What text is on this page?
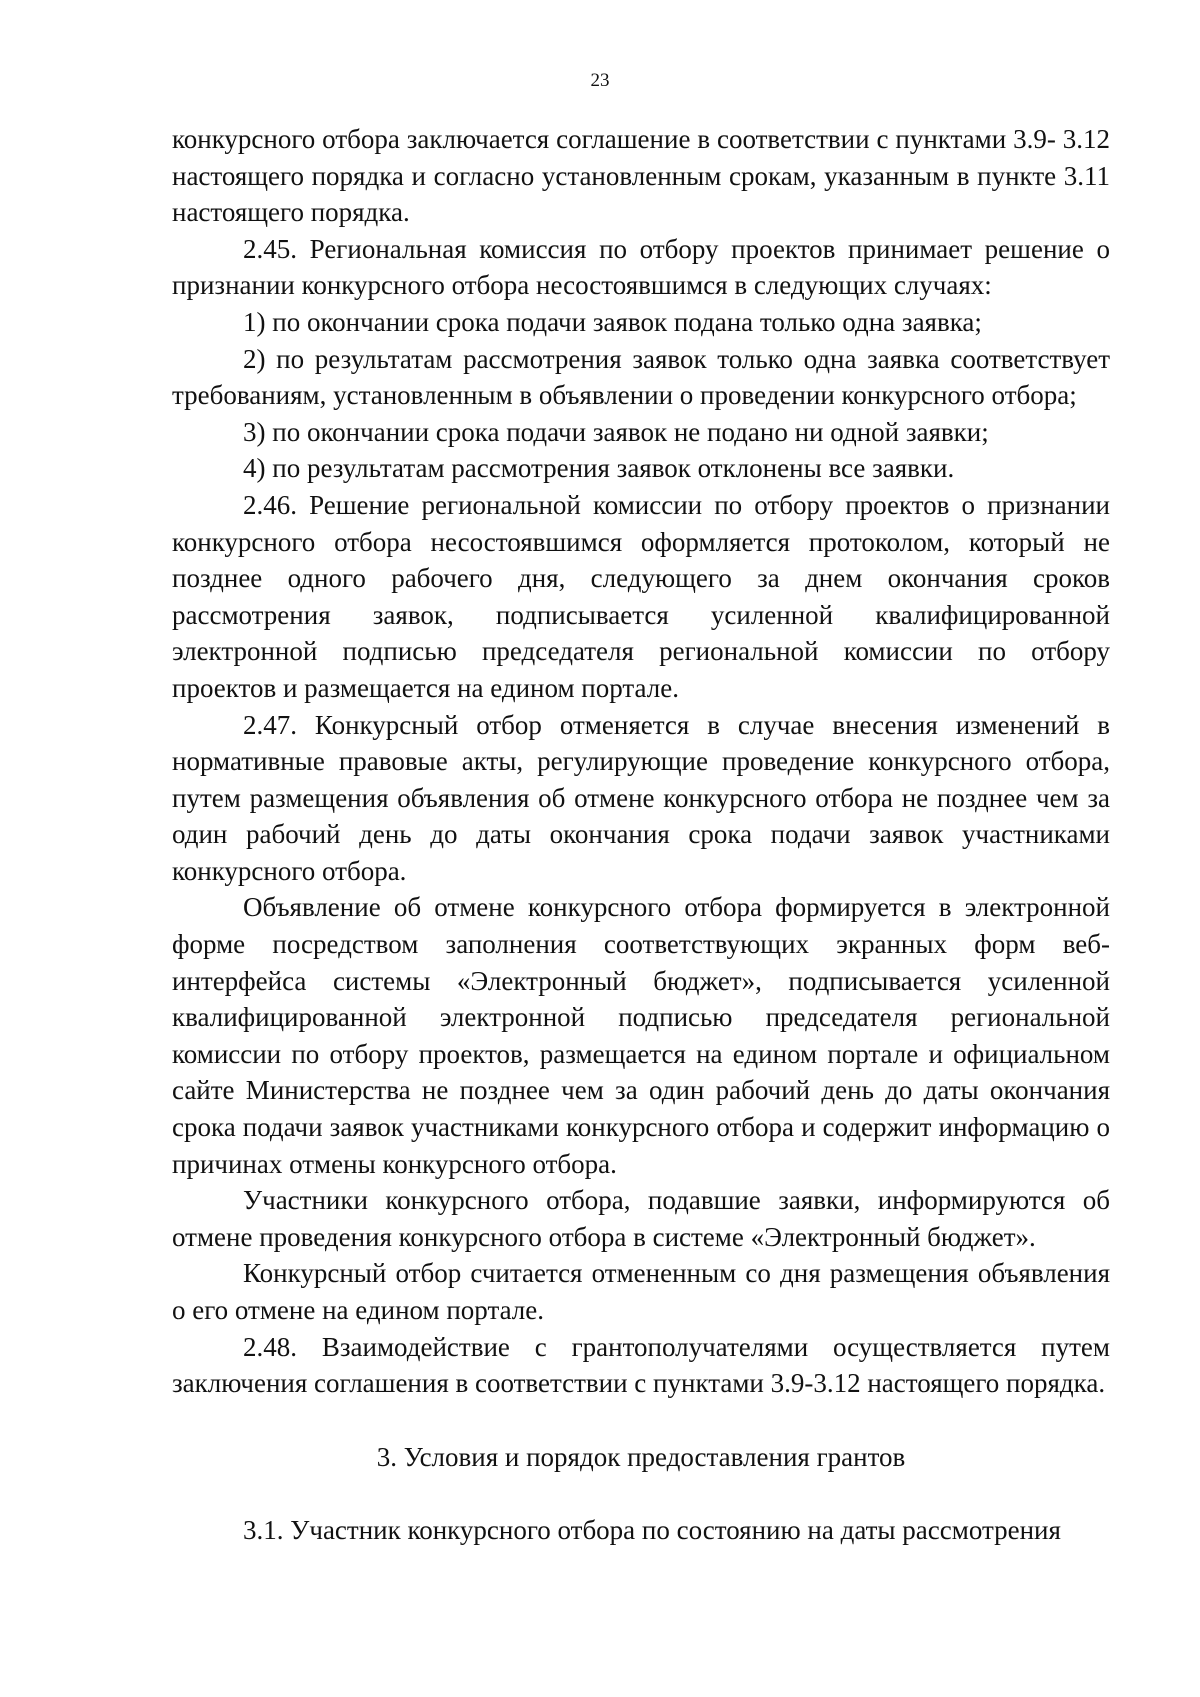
23

конкурсного отбора заключается соглашение в соответствии с пунктами 3.9- 3.12 настоящего порядка и согласно установленным срокам, указанным в пункте 3.11 настоящего порядка.

2.45. Региональная комиссия по отбору проектов принимает решение о признании конкурсного отбора несостоявшимся в следующих случаях:

1) по окончании срока подачи заявок подана только одна заявка;

2) по результатам рассмотрения заявок только одна заявка соответствует требованиям, установленным в объявлении о проведении конкурсного отбора;

3) по окончании срока подачи заявок не подано ни одной заявки;

4) по результатам рассмотрения заявок отклонены все заявки.

2.46. Решение региональной комиссии по отбору проектов о признании конкурсного отбора несостоявшимся оформляется протоколом, который не позднее одного рабочего дня, следующего за днем окончания сроков рассмотрения заявок, подписывается усиленной квалифицированной электронной подписью председателя региональной комиссии по отбору проектов и размещается на едином портале.

2.47. Конкурсный отбор отменяется в случае внесения изменений в нормативные правовые акты, регулирующие проведение конкурсного отбора, путем размещения объявления об отмене конкурсного отбора не позднее чем за один рабочий день до даты окончания срока подачи заявок участниками конкурсного отбора.

Объявление об отмене конкурсного отбора формируется в электронной форме посредством заполнения соответствующих экранных форм веб-интерфейса системы «Электронный бюджет», подписывается усиленной квалифицированной электронной подписью председателя региональной комиссии по отбору проектов, размещается на едином портале и официальном сайте Министерства не позднее чем за один рабочий день до даты окончания срока подачи заявок участниками конкурсного отбора и содержит информацию о причинах отмены конкурсного отбора.

Участники конкурсного отбора, подавшие заявки, информируются об отмене проведения конкурсного отбора в системе «Электронный бюджет».

Конкурсный отбор считается отмененным со дня размещения объявления о его отмене на едином портале.

2.48. Взаимодействие с грантополучателями осуществляется путем заключения соглашения в соответствии с пунктами 3.9-3.12 настоящего порядка.

3. Условия и порядок предоставления грантов

3.1. Участник конкурсного отбора по состоянию на даты рассмотрения
